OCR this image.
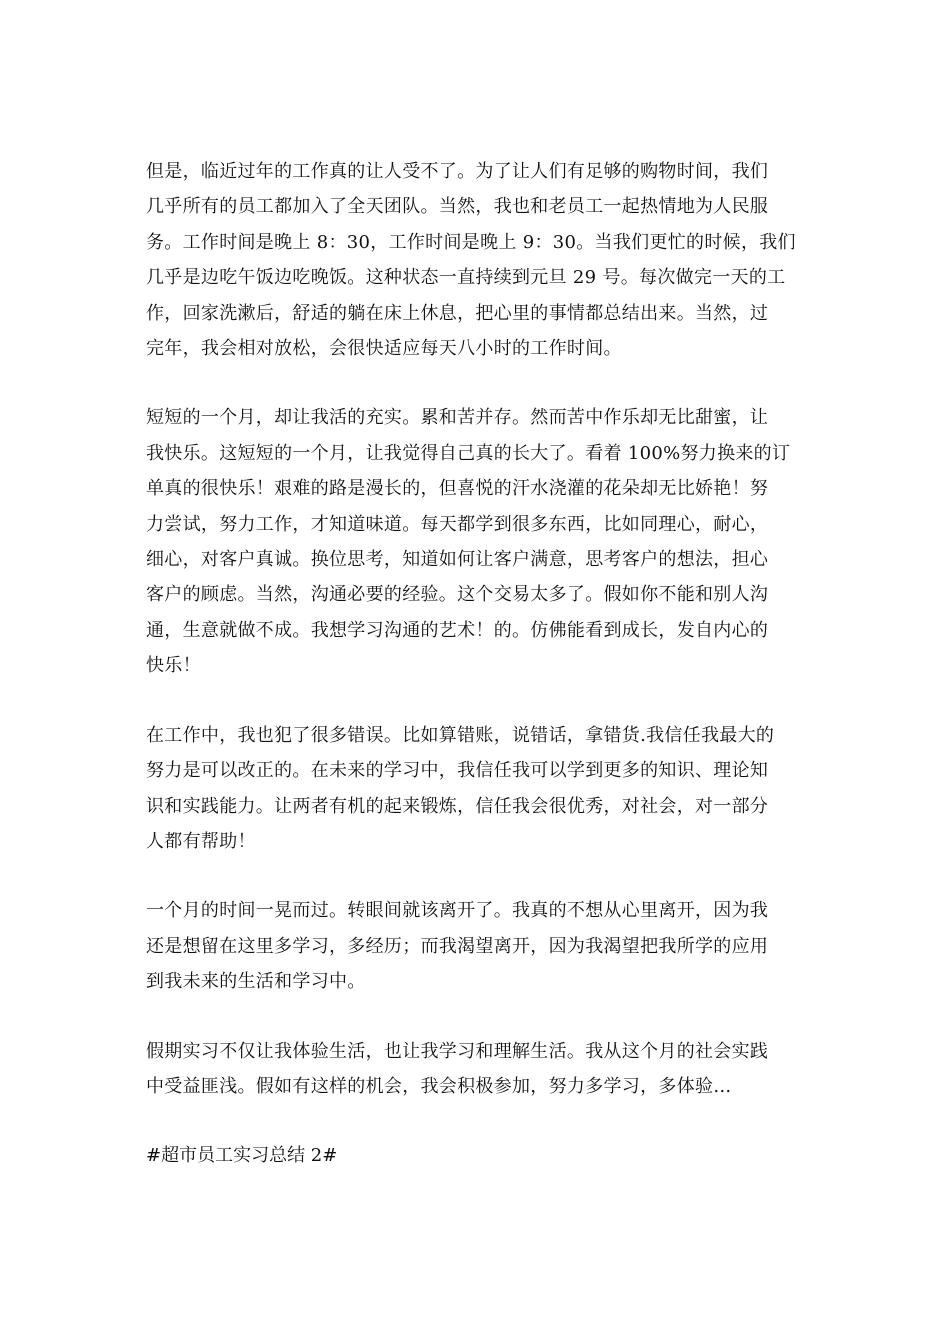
但是，临近过年的工作真的让人受不了。为了让人们有足够的购物时间，我们
几乎所有的员工都加入了全天团队。当然，我也和老员工一起热情地为人民服
务。工作时间是晚上 8：30，工作时间是晚上 9：30。当我们更忙的时候，我们
几乎是边吃午饭边吃晚饭。这种状态一直持续到元旦 29 号。每次做完一天的工
作，回家洗漱后，舒适的躺在床上休息，把心里的事情都总结出来。当然，过
完年，我会相对放松，会很快适应每天八小时的工作时间。
短短的一个月，却让我活的充实。累和苦并存。然而苦中作乐却无比甜蜜，让
我快乐。这短短的一个月，让我觉得自己真的长大了。看着 100%努力换来的订
单真的很快乐！艰难的路是漫长的，但喜悦的汗水浇灌的花朵却无比娇艳！努
力尝试，努力工作，才知道味道。每天都学到很多东西，比如同理心，耐心，
细心，对客户真诚。换位思考，知道如何让客户满意，思考客户的想法，担心
客户的顾虑。当然，沟通必要的经验。这个交易太多了。假如你不能和别人沟
通，生意就做不成。我想学习沟通的艺术！的。仿佛能看到成长，发自内心的
快乐！
在工作中，我也犯了很多错误。比如算错账，说错话，拿错货.我信任我最大的
努力是可以改正的。在未来的学习中，我信任我可以学到更多的知识、理论知
识和实践能力。让两者有机的起来锻炼，信任我会很优秀，对社会，对一部分
人都有帮助！
一个月的时间一晃而过。转眼间就该离开了。我真的不想从心里离开，因为我
还是想留在这里多学习，多经历；而我渴望离开，因为我渴望把我所学的应用
到我未来的生活和学习中。
假期实习不仅让我体验生活，也让我学习和理解生活。我从这个月的社会实践
中受益匪浅。假如有这样的机会，我会积极参加，努力多学习，多体验…
#超市员工实习总结 2#
